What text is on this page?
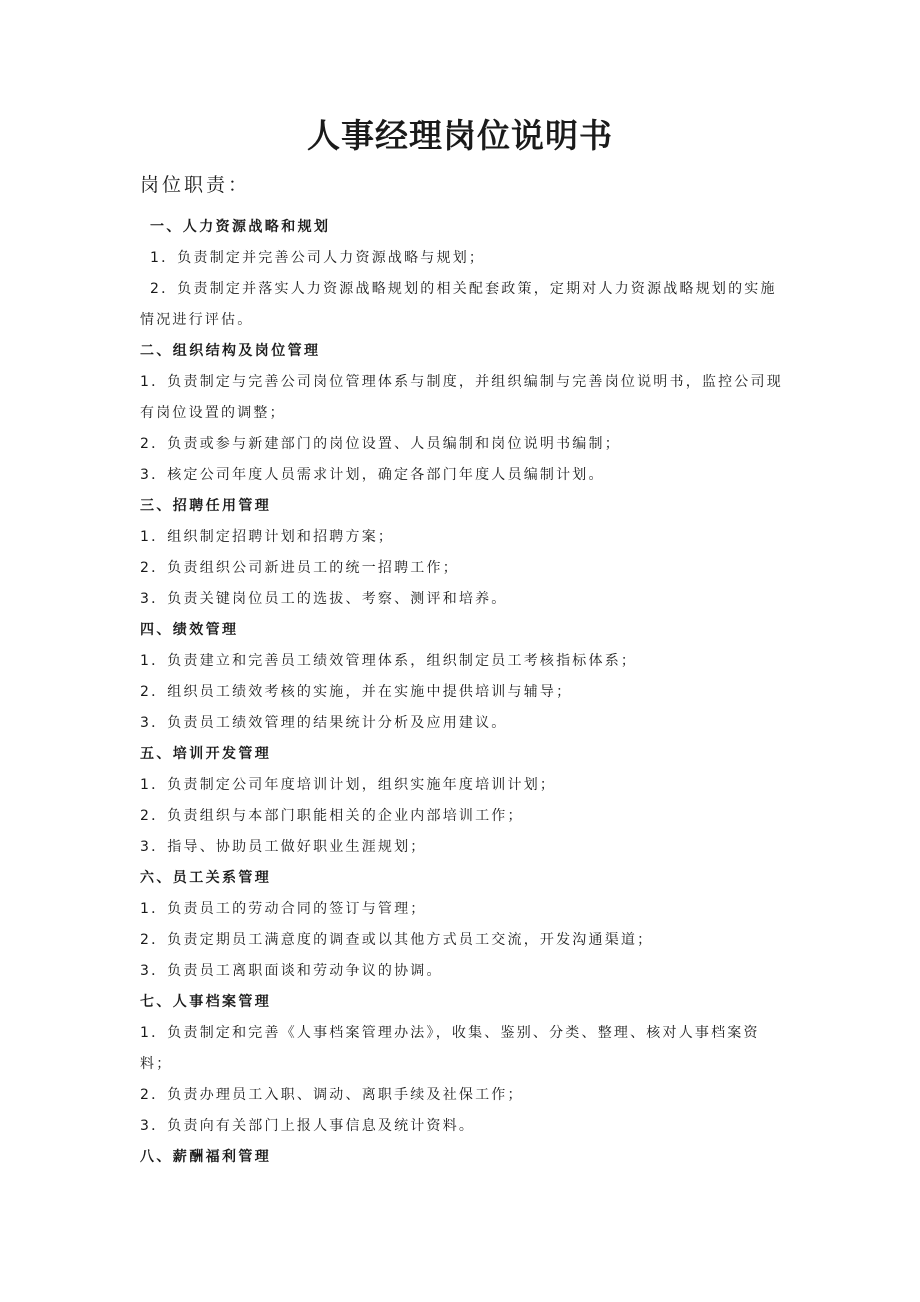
人事经理岗位说明书
岗位职责：
一、人力资源战略和规划

1．负责制定并完善公司人力资源战略与规划；

2．负责制定并落实人力资源战略规划的相关配套政策，定期对人力资源战略规划的实施情况进行评估。

二、组织结构及岗位管理

1．负责制定与完善公司岗位管理体系与制度，并组织编制与完善岗位说明书，监控公司现有岗位设置的调整；

2．负责或参与新建部门的岗位设置、人员编制和岗位说明书编制；

3．核定公司年度人员需求计划，确定各部门年度人员编制计划。

三、招聘任用管理

1．组织制定招聘计划和招聘方案；

2．负责组织公司新进员工的统一招聘工作；

3．负责关键岗位员工的选拔、考察、测评和培养。

四、绩效管理

1．负责建立和完善员工绩效管理体系，组织制定员工考核指标体系；

2．组织员工绩效考核的实施，并在实施中提供培训与辅导；

3．负责员工绩效管理的结果统计分析及应用建议。

五、培训开发管理

1．负责制定公司年度培训计划，组织实施年度培训计划；

2．负责组织与本部门职能相关的企业内部培训工作；

3．指导、协助员工做好职业生涯规划；

六、员工关系管理

1．负责员工的劳动合同的签订与管理；

2．负责定期员工满意度的调查或以其他方式员工交流，开发沟通渠道；

3．负责员工离职面谈和劳动争议的协调。

七、人事档案管理

1．负责制定和完善《人事档案管理办法》，收集、鉴别、分类、整理、核对人事档案资料；

2．负责办理员工入职、调动、离职手续及社保工作；

3．负责向有关部门上报人事信息及统计资料。

八、薪酬福利管理
